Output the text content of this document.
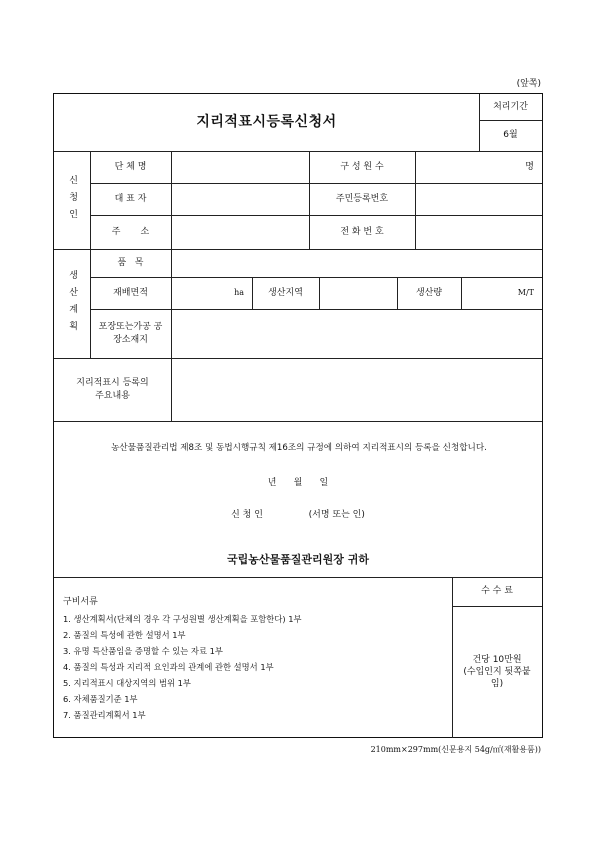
(앞쪽)
지리적표시등록신청서
처리기간
6월
신청인
단 체 명	구 성 원 수	명
대 표 자	주민등록번호
주       소	전 화 번 호
생산계획
품   목
재배면적	ha	생산지역	생산량	M/T
포장또는가공 공
장소재지
지리적표시 등록의
주요내용
수 수 료
건당 10만원
(수입인지 뒷쪽붙
임)
농산물품질관리법 제8조 및 동법시행규칙 제16조의 규정에 의하여 지리적표시의 등록을 신청합니다.
년      월      일
신 청 인                (서명 또는 인)
국립농산물품질관리원장 귀하
구비서류
1. 생산계획서(단체의 경우 각 구성원별 생산계획을 포함한다) 1부
2. 품질의 특성에 관한 설명서 1부
3. 유명 특산품임을 증명할 수 있는 자료 1부
4. 품질의 특성과 지리적 요인과의 관계에 관한 설명서 1부
5. 지리적표시 대상지역의 범위 1부
6. 자체품질기준 1부
7. 품질관리계획서 1부
210mm×297mm(신문용지 54g/㎡(재활용품))
